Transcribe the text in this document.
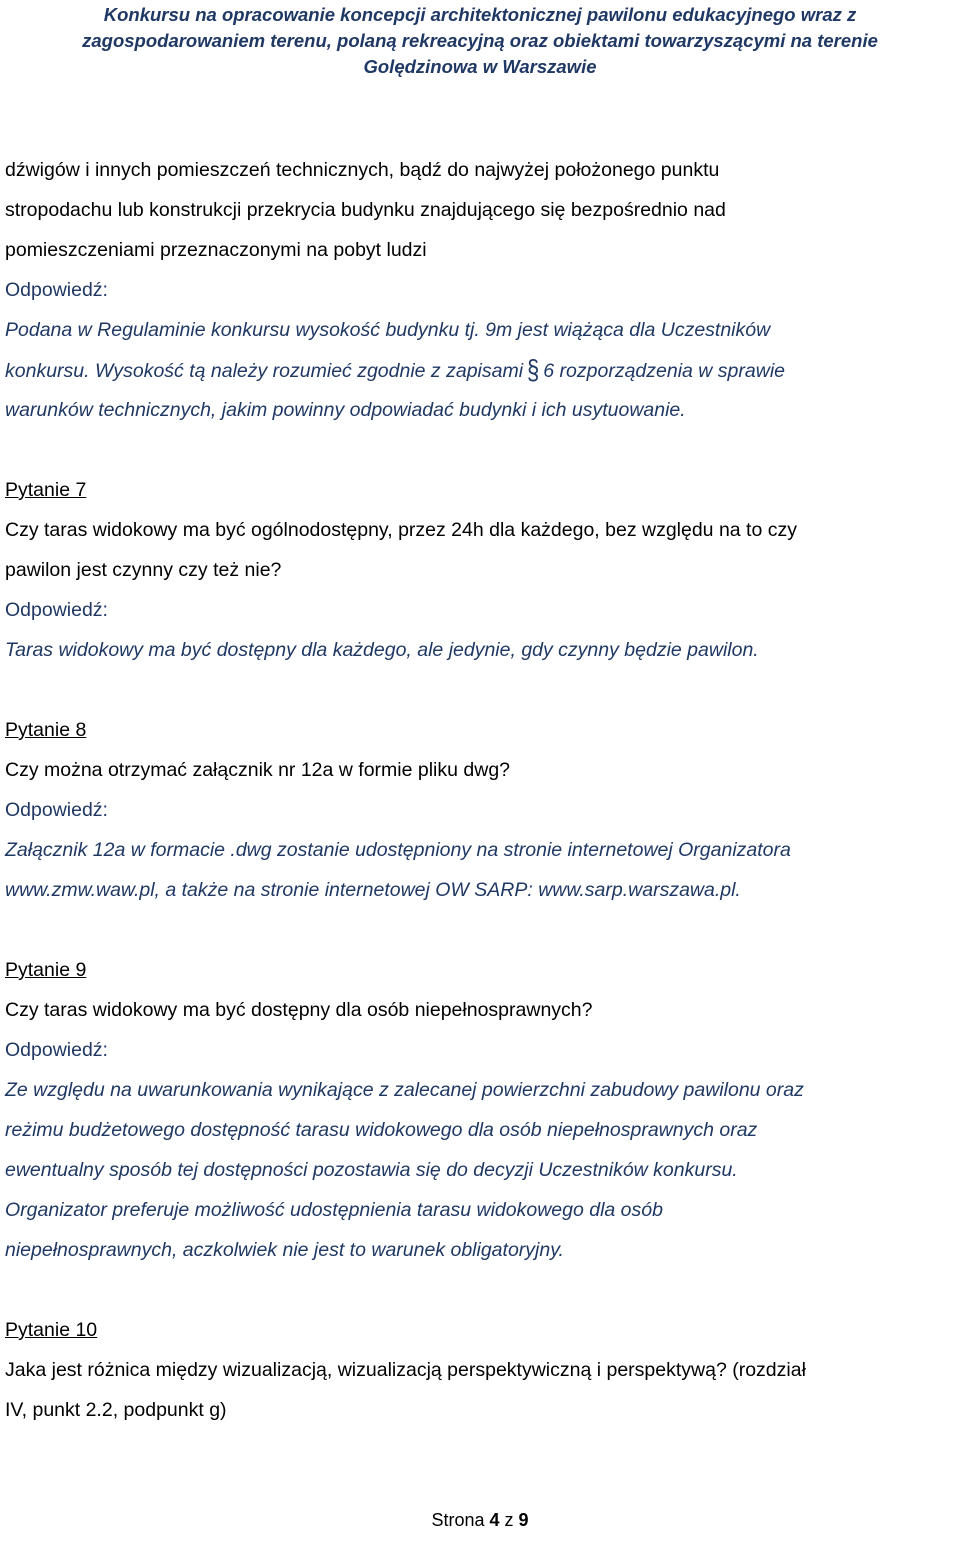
Konkursu na opracowanie koncepcji architektonicznej pawilonu edukacyjnego wraz z
zagospodarowaniem terenu, polaną rekreacyjną oraz obiektami towarzyszącymi na terenie
Golędzinowa w Warszawie
dźwigów i innych pomieszczeń technicznych, bądź do najwyżej położonego punktu
stropodachu lub konstrukcji przekrycia budynku znajdującego się bezpośrednio nad
pomieszczeniami przeznaczonymi na pobyt ludzi
Odpowiedź:
Podana w Regulaminie konkursu wysokość budynku tj. 9m jest wiążąca dla Uczestników
konkursu. Wysokość tą należy rozumieć zgodnie z zapisami § 6 rozporządzenia w sprawie
warunków technicznych, jakim powinny odpowiadać budynki i ich usytuowanie.
Pytanie 7
Czy taras widokowy ma być ogólnodostępny, przez 24h dla każdego, bez względu na to czy
pawilon jest czynny czy też nie?
Odpowiedź:
Taras widokowy ma być dostępny dla każdego, ale jedynie, gdy czynny będzie pawilon.
Pytanie 8
Czy można otrzymać załącznik nr 12a w formie pliku dwg?
Odpowiedź:
Załącznik 12a w formacie .dwg zostanie udostępniony na stronie internetowej Organizatora
www.zmw.waw.pl, a także na stronie internetowej OW SARP: www.sarp.warszawa.pl.
Pytanie 9
Czy taras widokowy ma być dostępny dla osób niepełnosprawnych?
Odpowiedź:
Ze względu na uwarunkowania wynikające z zalecanej powierzchni zabudowy pawilonu oraz
reżimu budżetowego dostępność tarasu widokowego dla osób niepełnosprawnych oraz
ewentualny sposób tej dostępności pozostawia się do decyzji Uczestników konkursu.
Organizator preferuje możliwość udostępnienia tarasu widokowego dla osób
niepełnosprawnych, aczkolwiek nie jest to warunek obligatoryjny.
Pytanie 10
Jaka jest różnica między wizualizacją, wizualizacją perspektywiczną i perspektywą? (rozdział
IV, punkt 2.2, podpunkt g)
Strona 4 z 9
